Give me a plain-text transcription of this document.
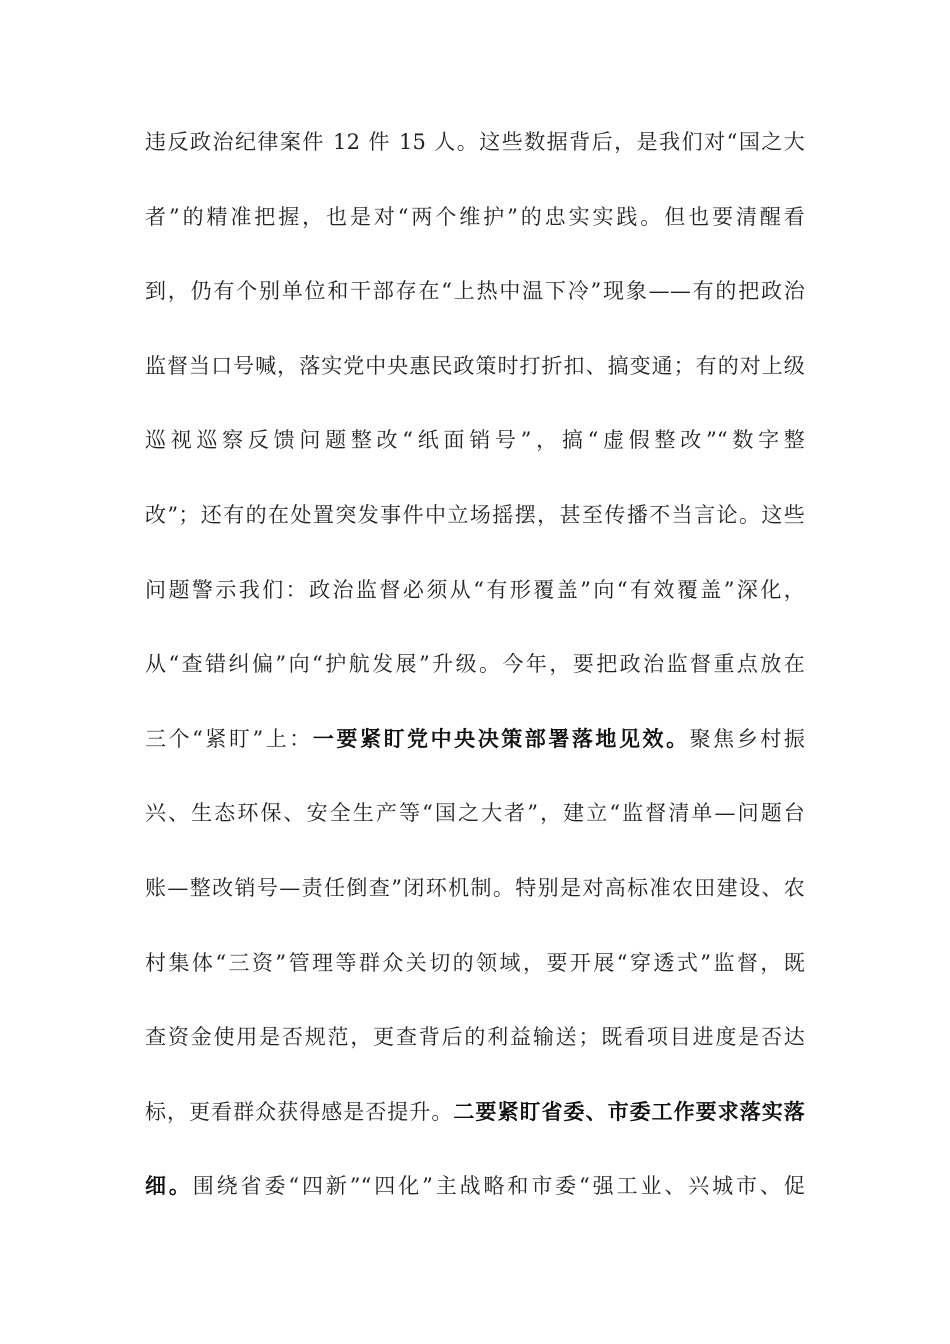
违反政治纪律案件 12 件 15 人。这些数据背后，是我们对“国之大
者”的精准把握，也是对“两个维护”的忠实实践。但也要清醒看
到，仍有个别单位和干部存在“上热中温下冷”现象——有的把政治
监督当口号喊，落实党中央惠民政策时打折扣、搞变通；有的对上级
巡视巡察反馈问题整改“纸面销号”，搞“虚假整改”“数字整
改”；还有的在处置突发事件中立场摇摆，甚至传播不当言论。这些
问题警示我们：政治监督必须从“有形覆盖”向“有效覆盖”深化，
从“查错纠偏”向“护航发展”升级。今年，要把政治监督重点放在
三个“紧盯”上：一要紧盯党中央决策部署落地见效。聚焦乡村振
兴、生态环保、安全生产等“国之大者”，建立“监督清单—问题台
账—整改销号—责任倒查”闭环机制。特别是对高标准农田建设、农
村集体“三资”管理等群众关切的领域，要开展“穿透式”监督，既
查资金使用是否规范，更查背后的利益输送；既看项目进度是否达
标，更看群众获得感是否提升。二要紧盯省委、市委工作要求落实落
细。围绕省委“四新”“四化”主战略和市委“强工业、兴城市、促
